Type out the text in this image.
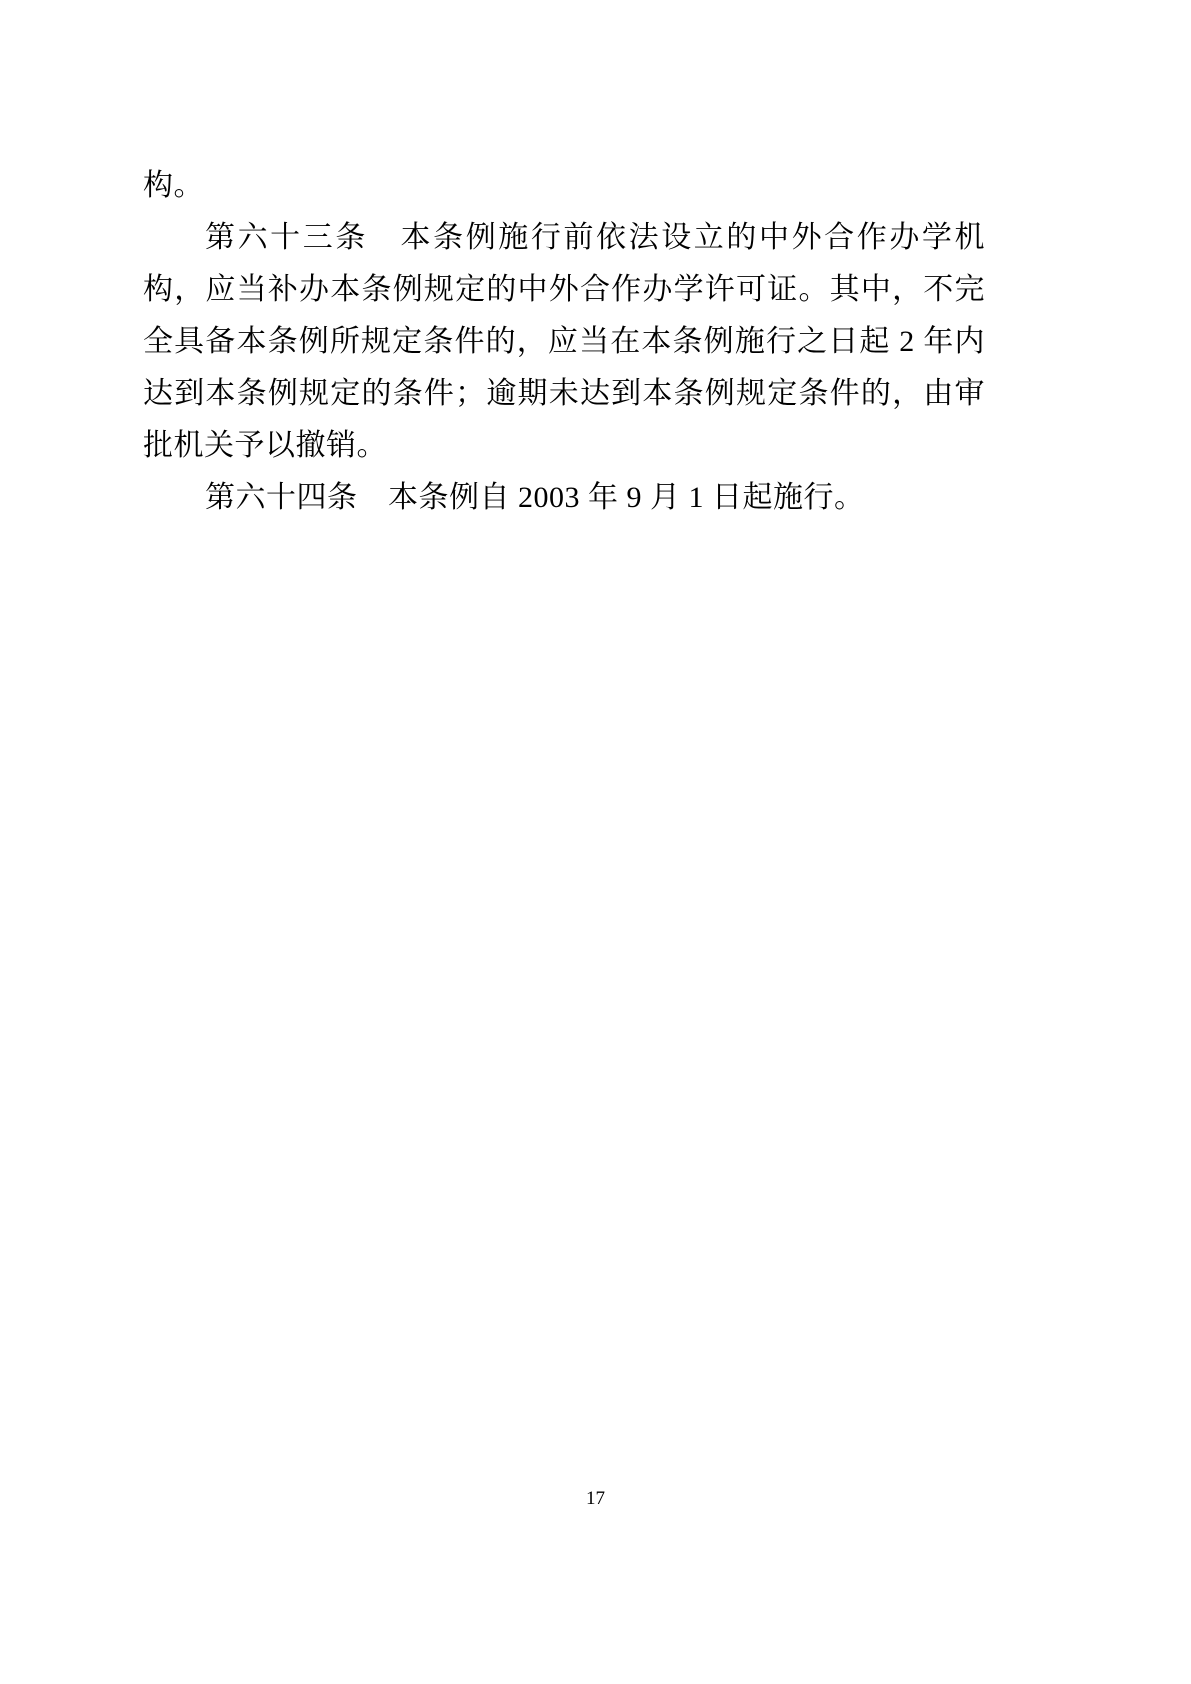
构。

第六十三条　本条例施行前依法设立的中外合作办学机构，应当补办本条例规定的中外合作办学许可证。其中，不完全具备本条例所规定条件的，应当在本条例施行之日起 2 年内达到本条例规定的条件；逾期未达到本条例规定条件的，由审批机关予以撤销。

第六十四条　本条例自 2003 年 9 月 1 日起施行。

17
